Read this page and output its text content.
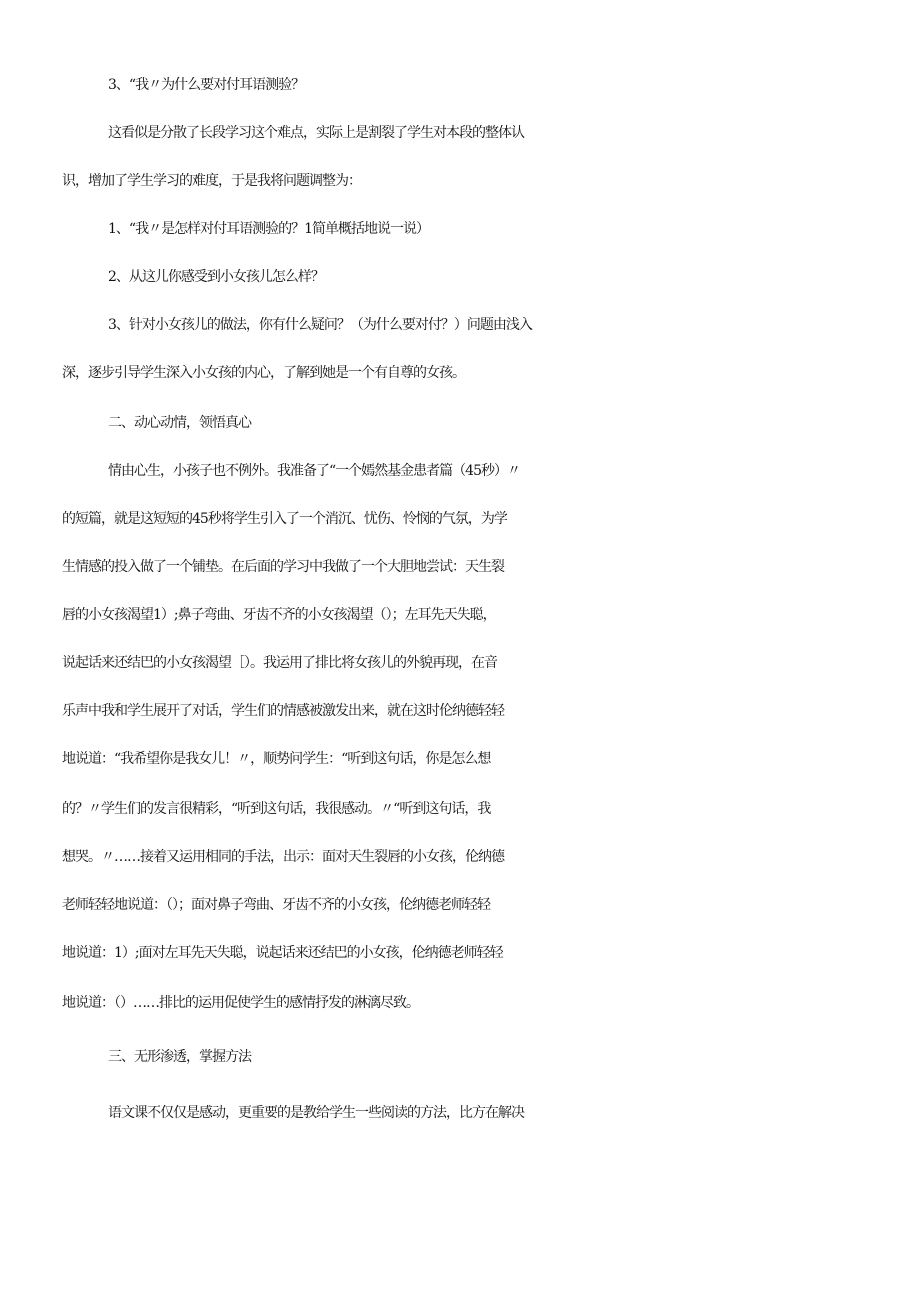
3、“我〃为什么要对付耳语测验？
这看似是分散了长段学习这个难点，实际上是割裂了学生对本段的整体认
识，增加了学生学习的难度，于是我将问题调整为：
1、“我〃是怎样对付耳语测验的？1简单概括地说一说）
2、从这儿你感受到小女孩儿怎么样？
3、针对小女孩儿的做法，你有什么疑问？（为什么要对付？）问题由浅入
深，逐步引导学生深入小女孩的内心，了解到她是一个有自尊的女孩。
二、动心动情，领悟真心
情由心生，小孩子也不例外。我准备了“一个嫣然基金患者篇（45秒）〃
的短篇，就是这短短的45秒将学生引入了一个消沉、忧伤、怜悯的气氛，为学
生情感的投入做了一个铺垫。在后面的学习中我做了一个大胆地尝试：天生裂
唇的小女孩渴望1）;鼻子弯曲、牙齿不齐的小女孩渴望（）；左耳先天失聪，
说起话来还结巴的小女孩渴望［）。我运用了排比将女孩儿的外貌再现，在音
乐声中我和学生展开了对话，学生们的情感被激发出来，就在这时伦纳德轻轻
地说道：“我希望你是我女儿！〃，顺势问学生：“听到这句话，你是怎么想
的？〃学生们的发言很精彩，“听到这句话，我很感动。〃“听到这句话，我
想哭。〃……接着又运用相同的手法，出示：面对天生裂唇的小女孩，伦纳德
老师轻轻地说道：（）；面对鼻子弯曲、牙齿不齐的小女孩，伦纳德老师轻轻
地说道：1）;面对左耳先天失聪，说起话来还结巴的小女孩，伦纳德老师轻轻
地说道：（）……排比的运用促使学生的感情抒发的淋漓尽致。
三、无形渗透，掌握方法
语文课不仅仅是感动，更重要的是教给学生一些阅读的方法，比方在解决
